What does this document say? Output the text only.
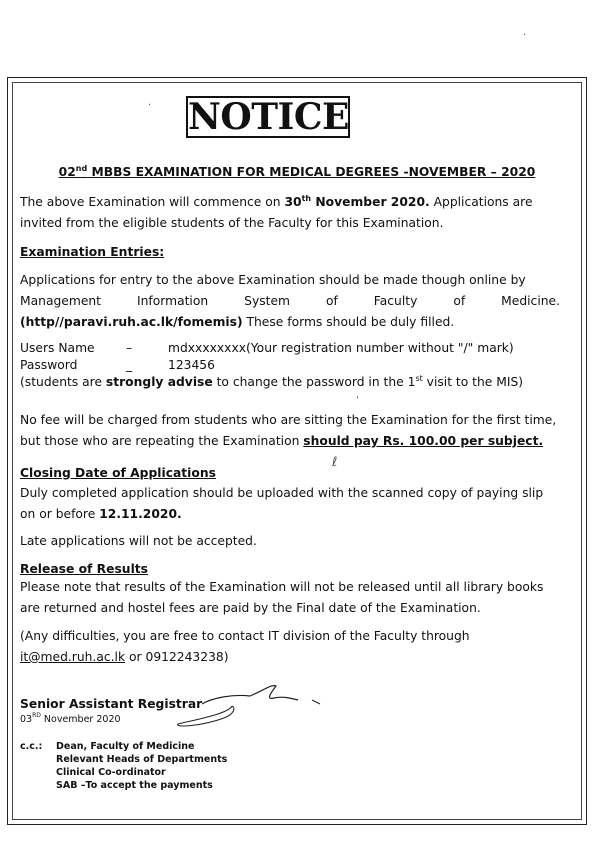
·
· NOTICE
02nd MBBS EXAMINATION FOR MEDICAL DEGREES -NOVEMBER – 2020
The above Examination will commence on 30th November 2020. Applications are
invited from the eligible students of the Faculty for this Examination.
Examination Entries:
Applications for entry to the above Examination should be made though online by
Management	Information	System	of	Faculty	of	Medicine.
(http//paravi.ruh.ac.lk/fomemis) These forms should be duly filled.
Users Name	–	mdxxxxxxxx(Your registration number without "/" mark)
Password	_	123456
(students are strongly advise to change the password in the 1st visit to the MIS)
'
No fee will be charged from students who are sitting the Examination for the first time,
but those who are repeating the Examination should pay Rs. 100.00 per subject.
ℓ
Closing Date of Applications
Duly completed application should be uploaded with the scanned copy of paying slip
on or before 12.11.2020.
Late applications will not be accepted.
Release of Results
Please note that results of the Examination will not be released until all library books
are returned and hostel fees are paid by the Final date of the Examination.
(Any difficulties, you are free to contact IT division of the Faculty through
it@med.ruh.ac.lk or 0912243238)
Senior Assistant Registrar
03RD November 2020
c.c.: Dean, Faculty of Medicine
Relevant Heads of Departments
Clinical Co-ordinator
SAB –To accept the payments
